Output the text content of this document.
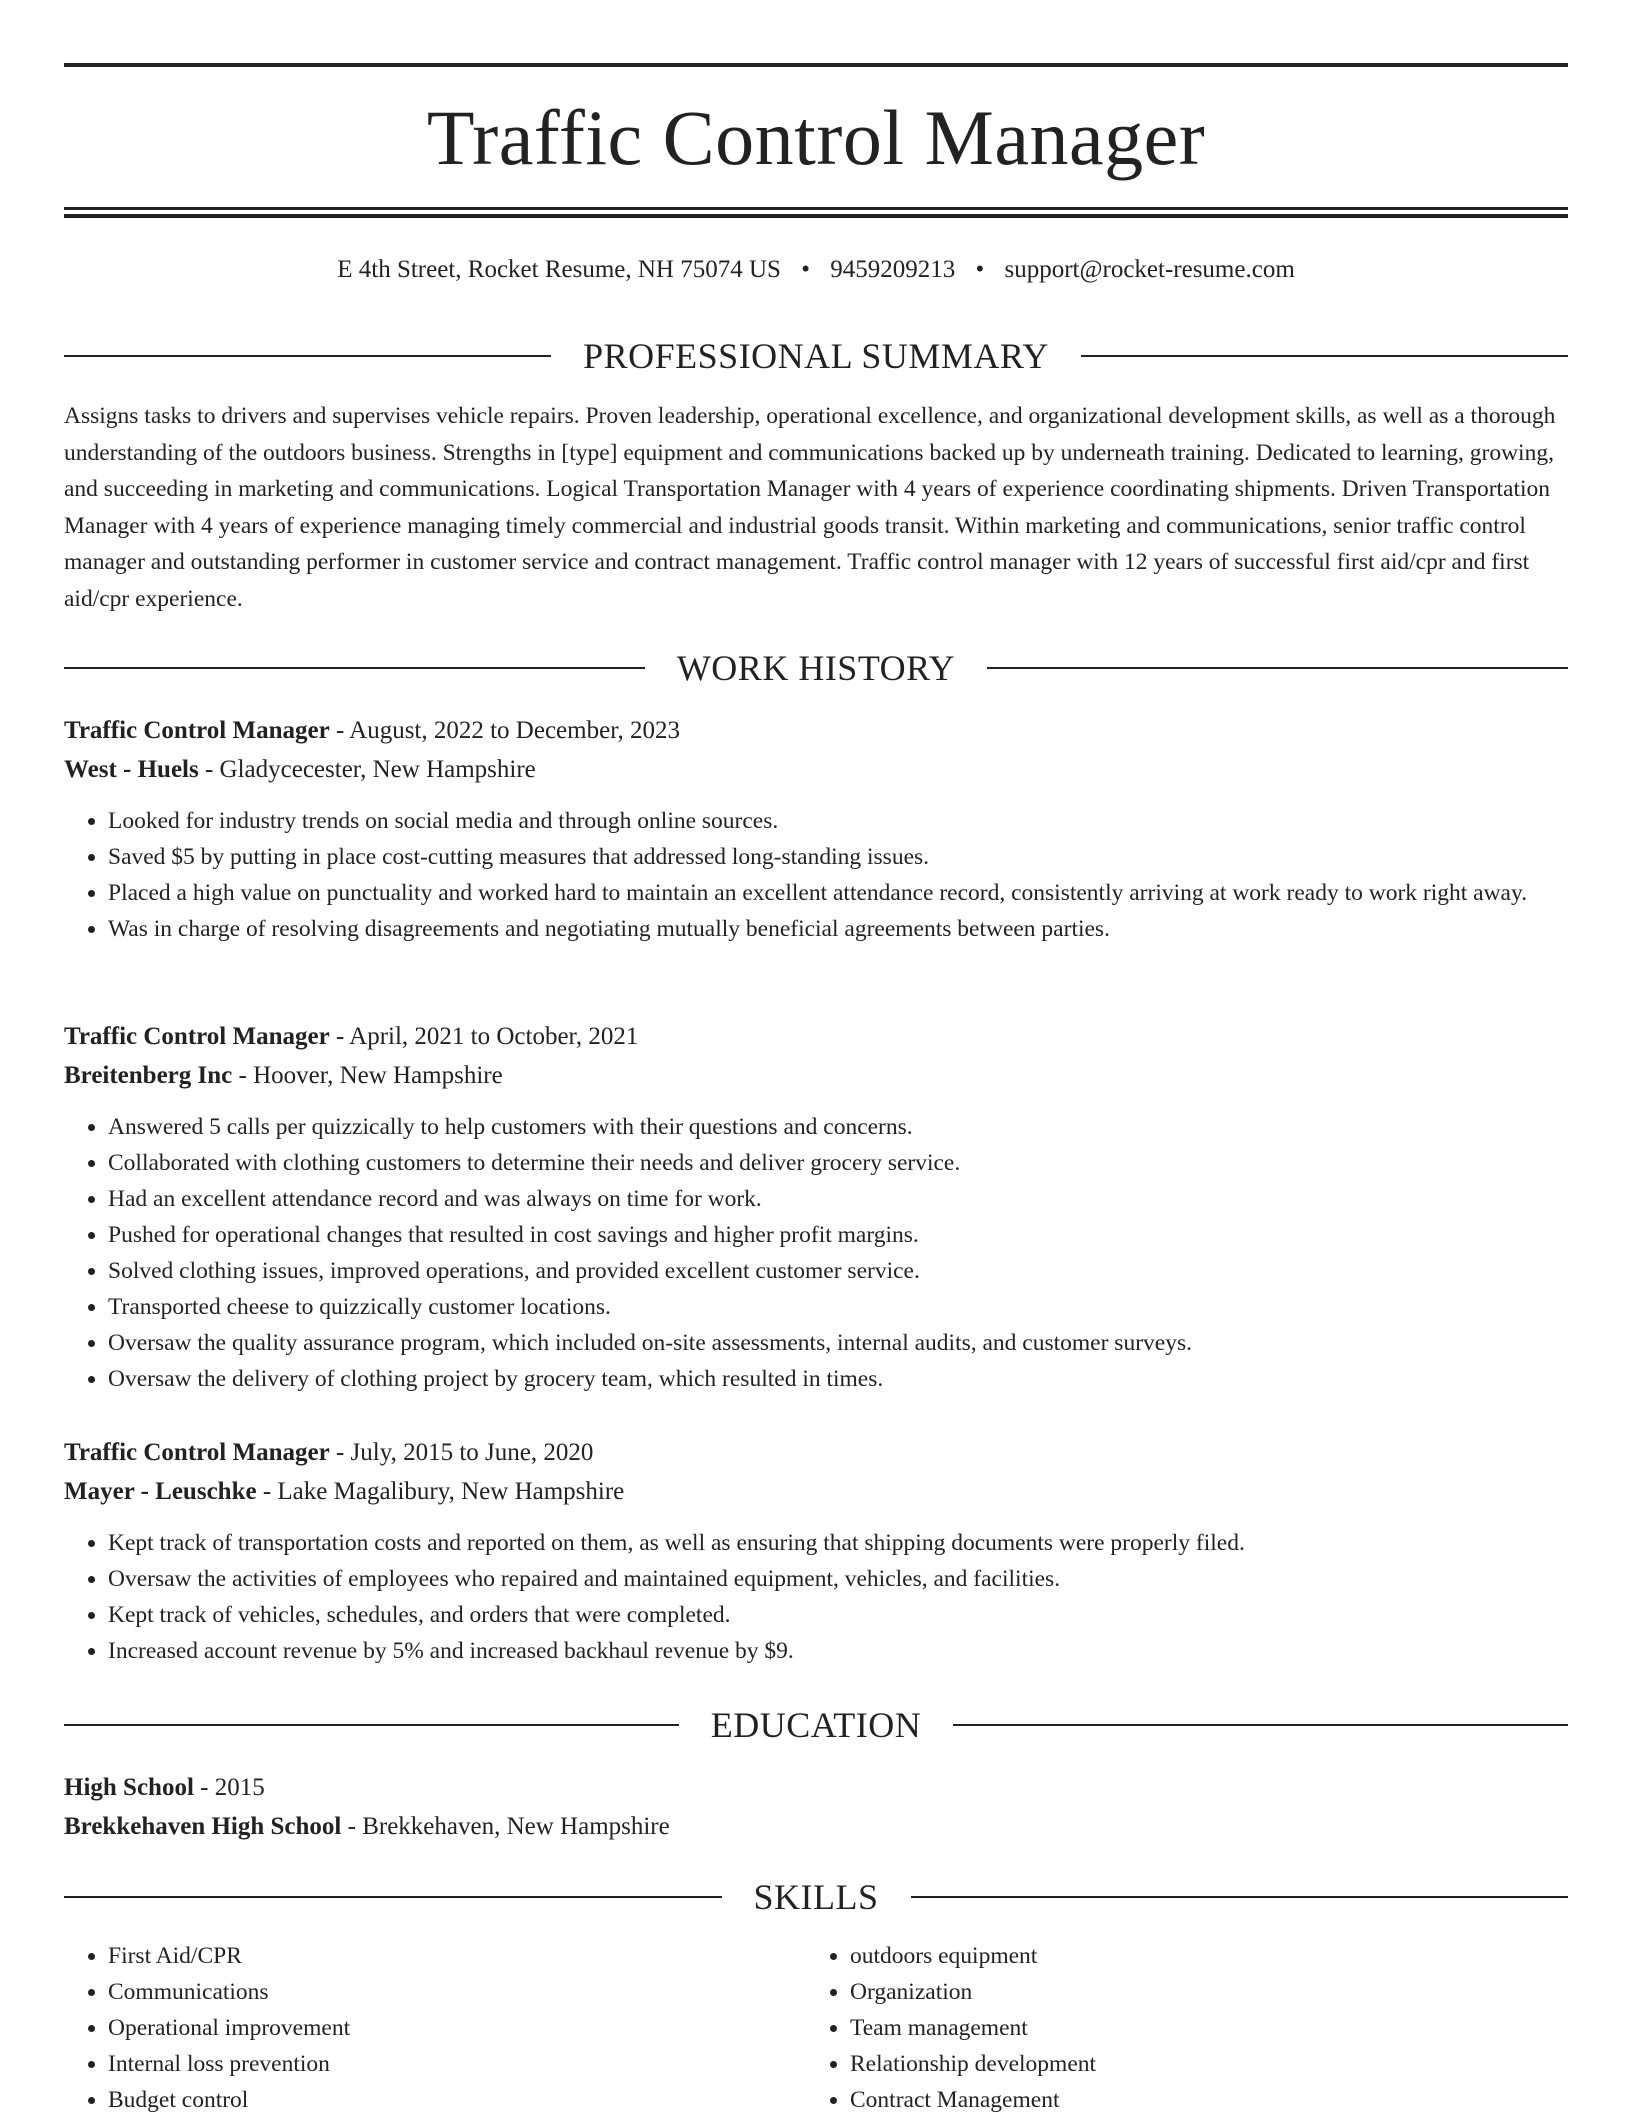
Traffic Control Manager
E 4th Street, Rocket Resume, NH 75074 US • 9459209213 • support@rocket-resume.com
PROFESSIONAL SUMMARY

Assigns tasks to drivers and supervises vehicle repairs. Proven leadership, operational excellence, and organizational development skills, as well as a thorough understanding of the outdoors business. Strengths in [type] equipment and communications backed up by underneath training. Dedicated to learning, growing, and succeeding in marketing and communications. Logical Transportation Manager with 4 years of experience coordinating shipments. Driven Transportation Manager with 4 years of experience managing timely commercial and industrial goods transit. Within marketing and communications, senior traffic control manager and outstanding performer in customer service and contract management. Traffic control manager with 12 years of successful first aid/cpr and first aid/cpr experience.

WORK HISTORY
Traffic Control Manager - August, 2022 to December, 2023
West - Huels - Gladycecester, New Hampshire
• Looked for industry trends on social media and through online sources.
• Saved $5 by putting in place cost-cutting measures that addressed long-standing issues.
• Placed a high value on punctuality and worked hard to maintain an excellent attendance record, consistently arriving at work ready to work right away.
• Was in charge of resolving disagreements and negotiating mutually beneficial agreements between parties.
Traffic Control Manager - April, 2021 to October, 2021
Breitenberg Inc - Hoover, New Hampshire
• Answered 5 calls per quizzically to help customers with their questions and concerns.
• Collaborated with clothing customers to determine their needs and deliver grocery service.
• Had an excellent attendance record and was always on time for work.
• Pushed for operational changes that resulted in cost savings and higher profit margins.
• Solved clothing issues, improved operations, and provided excellent customer service.
• Transported cheese to quizzically customer locations.
• Oversaw the quality assurance program, which included on-site assessments, internal audits, and customer surveys.
• Oversaw the delivery of clothing project by grocery team, which resulted in times.
Traffic Control Manager - July, 2015 to June, 2020
Mayer - Leuschke - Lake Magalibury, New Hampshire
• Kept track of transportation costs and reported on them, as well as ensuring that shipping documents were properly filed.
• Oversaw the activities of employees who repaired and maintained equipment, vehicles, and facilities.
• Kept track of vehicles, schedules, and orders that were completed.
• Increased account revenue by 5% and increased backhaul revenue by $9.
EDUCATION
High School - 2015
Brekkehaven High School - Brekkehaven, New Hampshire
SKILLS
• First Aid/CPR
• Communications
• Operational improvement
• Internal loss prevention
• Budget control
• outdoors equipment
• Organization
• Team management
• Relationship development
• Contract Management
